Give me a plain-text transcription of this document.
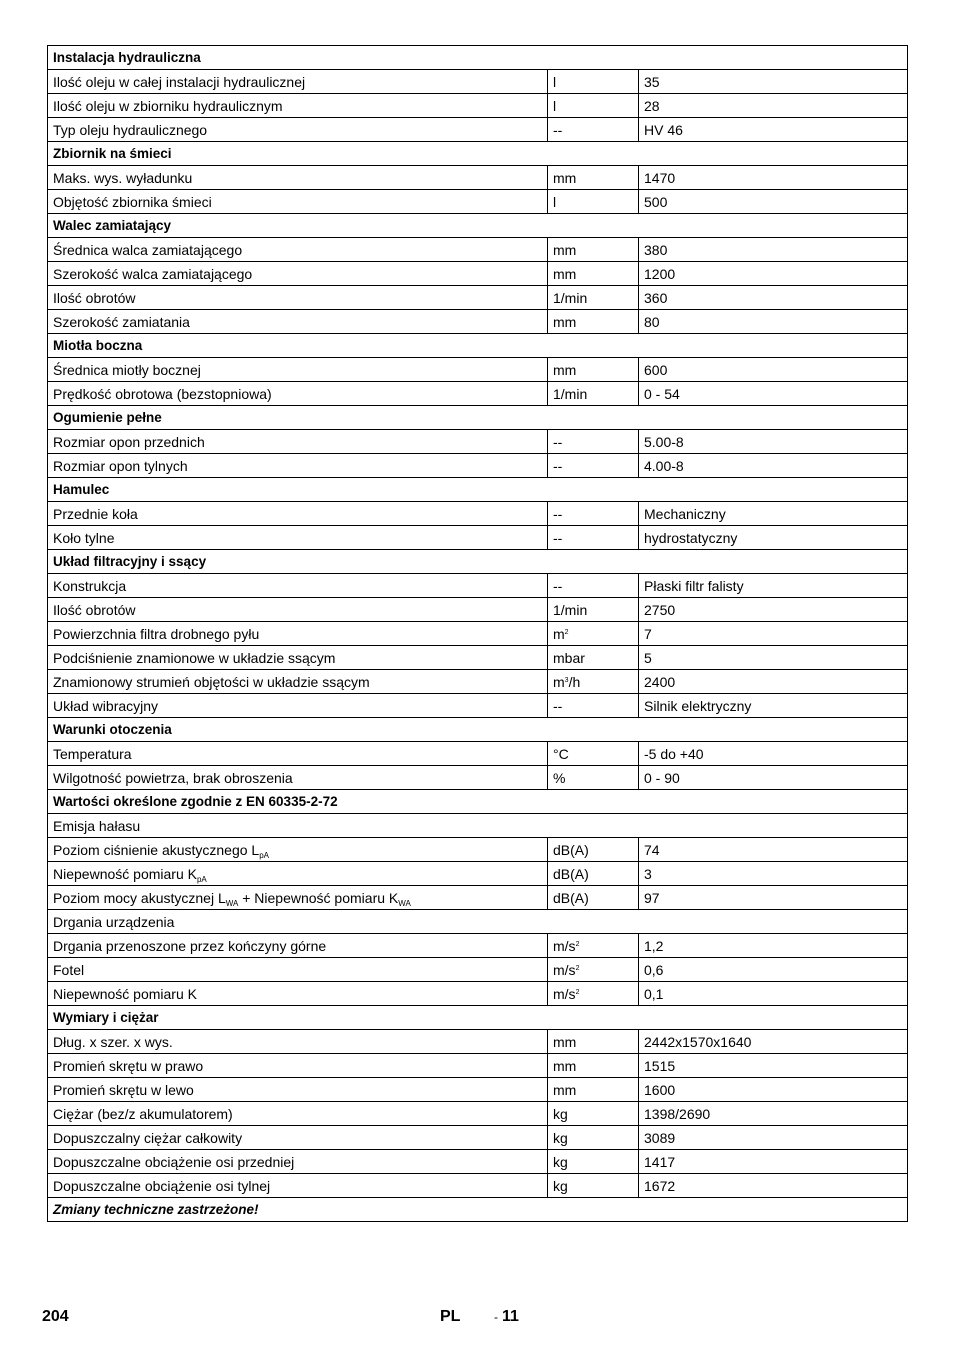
Instalacja hydrauliczna		
Ilość oleju w całej instalacji hydraulicznej	l	35
Ilość oleju w zbiorniku hydraulicznym	l	28
Typ oleju hydraulicznego	--	HV 46
Zbiornik na śmieci		
Maks. wys. wyładunku	mm	1470
Objętość zbiornika śmieci	l	500
Walec zamiatający		
Średnica walca zamiatającego	mm	380
Szerokość walca zamiatającego	mm	1200
Ilość obrotów	1/min	360
Szerokość zamiatania	mm	80
Miotła boczna		
Średnica miotły bocznej	mm	600
Prędkość obrotowa (bezstopniowa)	1/min	0 - 54
Ogumienie pełne		
Rozmiar opon przednich	--	5.00-8
Rozmiar opon tylnych	--	4.00-8
Hamulec		
Przednie koła	--	Mechaniczny
Koło tylne	--	hydrostatyczny
Układ filtracyjny i ssący		
Konstrukcja	--	Płaski filtr falisty
Ilość obrotów	1/min	2750
Powierzchnia filtra drobnego pyłu	$m^2$	7
Podciśnienie znamionowe w układzie ssącym	mbar	5
Znamionowy strumień objętości w układzie ssącym	$m^3/h$	2400
Układ wibracyjny	--	Silnik elektryczny
Warunki otoczenia		
Temperatura	°C	-5 do +40
Wilgotność powietrza, brak obroszenia	%	0 - 90
Wartości określone zgodnie z EN 60335-2-72		
Emisja hałasu		
Poziom ciśnienie akustycznego $L_{pA}$	dB(A)	74
Niepewność pomiaru $K_{pA}$	dB(A)	3
Poziom mocy akustycznej $L_{WA}$ + Niepewność pomiaru $K_{WA}$	dB(A)	97
Drgania urządzenia		
Drgania przenoszone przez kończyny górne	$m/s^2$	1,2
Fotel	$m/s^2$	0,6
Niepewność pomiaru K	$m/s^2$	0,1
Wymiary i ciężar		
Dług. x szer. x wys.	mm	2442x1570x1640
Promień skrętu w prawo	mm	1515
Promień skrętu w lewo	mm	1600
Ciężar (bez/z akumulatorem)	kg	1398/2690
Dopuszczalny ciężar całkowity	kg	3089
Dopuszczalne obciążenie osi przedniej	kg	1417
Dopuszczalne obciążenie osi tylnej	kg	1672
Zmiany techniczne zastrzeżone!		
204	PL	- 11
